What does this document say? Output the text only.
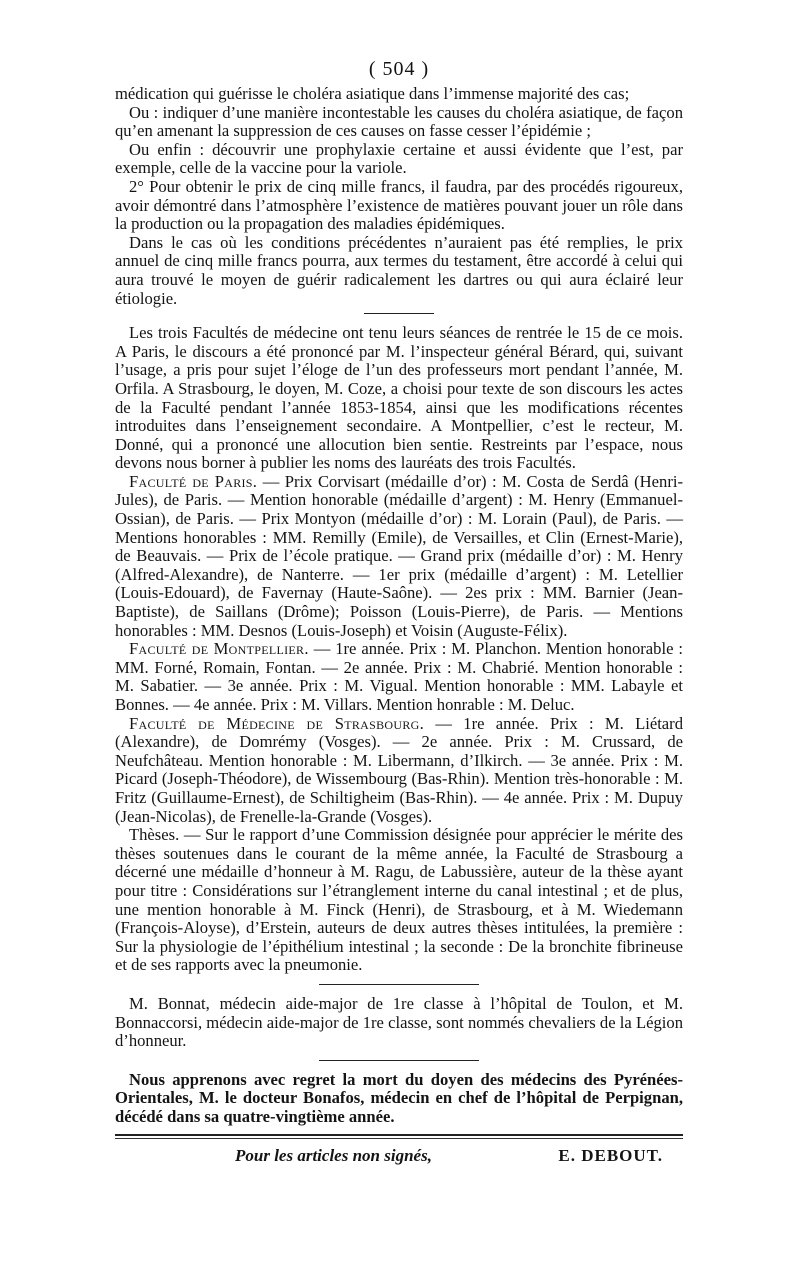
( 504 )

médication qui guérisse le choléra asiatique dans l’immense majorité des cas;

Ou : indiquer d’une manière incontestable les causes du choléra asiatique, de façon qu’en amenant la suppression de ces causes on fasse cesser l’épidémie ;

Ou enfin : découvrir une prophylaxie certaine et aussi évidente que l’est, par exemple, celle de la vaccine pour la variole.

2° Pour obtenir le prix de cinq mille francs, il faudra, par des procédés rigoureux, avoir démontré dans l’atmosphère l’existence de matières pouvant jouer un rôle dans la production ou la propagation des maladies épidémiques.

Dans le cas où les conditions précédentes n’auraient pas été remplies, le prix annuel de cinq mille francs pourra, aux termes du testament, être accordé à celui qui aura trouvé le moyen de guérir radicalement les dartres ou qui aura éclairé leur étiologie.

Les trois Facultés de médecine ont tenu leurs séances de rentrée le 15 de ce mois. A Paris, le discours a été prononcé par M. l’inspecteur général Bérard, qui, suivant l’usage, a pris pour sujet l’éloge de l’un des professeurs mort pendant l’année, M. Orfila. A Strasbourg, le doyen, M. Coze, a choisi pour texte de son discours les actes de la Faculté pendant l’année 1853-1854, ainsi que les modifications récentes introduites dans l’enseignement secondaire. A Montpellier, c’est le recteur, M. Donné, qui a prononcé une allocution bien sentie. Restreints par l’espace, nous devons nous borner à publier les noms des lauréats des trois Facultés.

Faculté de Paris. — Prix Corvisart (médaille d’or) : M. Costa de Serdâ (Henri-Jules), de Paris. — Mention honorable (médaille d’argent) : M. Henry (Emmanuel-Ossian), de Paris. — Prix Montyon (médaille d’or) : M. Lorain (Paul), de Paris. — Mentions honorables : MM. Remilly (Emile), de Versailles, et Clin (Ernest-Marie), de Beauvais. — Prix de l’école pratique. — Grand prix (médaille d’or) : M. Henry (Alfred-Alexandre), de Nanterre. — 1er prix (médaille d’argent) : M. Letellier (Louis-Edouard), de Favernay (Haute-Saône). — 2es prix : MM. Barnier (Jean-Baptiste), de Saillans (Drôme); Poisson (Louis-Pierre), de Paris. — Mentions honorables : MM. Desnos (Louis-Joseph) et Voisin (Auguste-Félix).

Faculté de Montpellier. — 1re année. Prix : M. Planchon. Mention honorable : MM. Forné, Romain, Fontan. — 2e année. Prix : M. Chabrié. Mention honorable : M. Sabatier. — 3e année. Prix : M. Vigual. Mention honorable : MM. Labayle et Bonnes. — 4e année. Prix : M. Villars. Mention honrable : M. Deluc.

Faculté de Médecine de Strasbourg. — 1re année. Prix : M. Liétard (Alexandre), de Domrémy (Vosges). — 2e année. Prix : M. Crussard, de Neufchâteau. Mention honorable : M. Libermann, d’Ilkirch. — 3e année. Prix : M. Picard (Joseph-Théodore), de Wissembourg (Bas-Rhin). Mention très-honorable : M. Fritz (Guillaume-Ernest), de Schiltigheim (Bas-Rhin). — 4e année. Prix : M. Dupuy (Jean-Nicolas), de Frenelle-la-Grande (Vosges).

Thèses. — Sur le rapport d’une Commission désignée pour apprécier le mérite des thèses soutenues dans le courant de la même année, la Faculté de Strasbourg a décerné une médaille d’honneur à M. Ragu, de Labussière, auteur de la thèse ayant pour titre : Considérations sur l’étranglement interne du canal intestinal ; et de plus, une mention honorable à M. Finck (Henri), de Strasbourg, et à M. Wiedemann (François-Aloyse), d’Erstein, auteurs de deux autres thèses intitulées, la première : Sur la physiologie de l’épithélium intestinal ; la seconde : De la bronchite fibrineuse et de ses rapports avec la pneumonie.

M. Bonnat, médecin aide-major de 1re classe à l’hôpital de Toulon, et M. Bonnaccorsi, médecin aide-major de 1re classe, sont nommés chevaliers de la Légion d’honneur.

Nous apprenons avec regret la mort du doyen des médecins des Pyrénées-Orientales, M. le docteur Bonafos, médecin en chef de l’hôpital de Perpignan, décédé dans sa quatre-vingtième année.

Pour les articles non signés,	E. DEBOUT.
